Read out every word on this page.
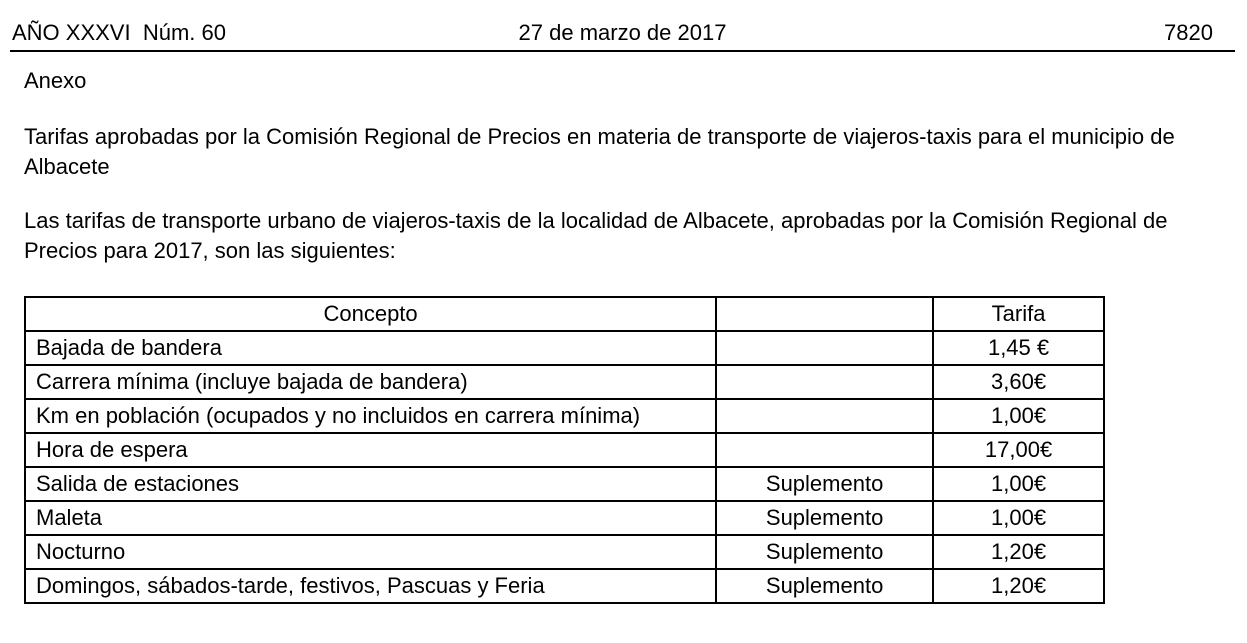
AÑO XXXVI  Núm. 60	27 de marzo de 2017	7820
Anexo
Tarifas aprobadas por la Comisión Regional de Precios en materia de transporte de viajeros-taxis para el municipio de Albacete
Las tarifas de transporte urbano de viajeros-taxis de la localidad de Albacete, aprobadas por la Comisión Regional de Precios para 2017, son las siguientes:
Concepto		Tarifa
Bajada de bandera		1,45 €
Carrera mínima (incluye bajada de bandera)		3,60€
Km en población (ocupados y no incluidos en carrera mínima)		1,00€
Hora de espera		17,00€
Salida de estaciones	Suplemento	1,00€
Maleta	Suplemento	1,00€
Nocturno	Suplemento	1,20€
Domingos, sábados-tarde, festivos, Pascuas y Feria	Suplemento	1,20€
